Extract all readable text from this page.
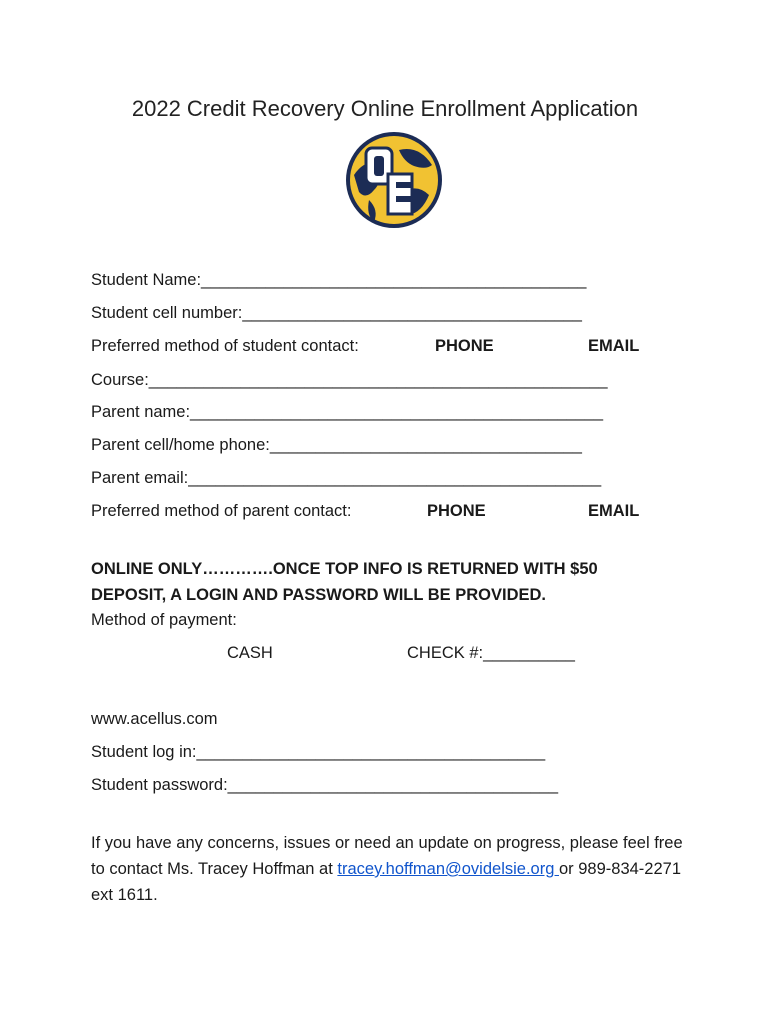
2022 Credit Recovery Online Enrollment Application
Student Name:__________________________________________
Student cell number:_____________________________________
Preferred method of student contact:	PHONE	EMAIL
Course:__________________________________________________
Parent name:_____________________________________________
Parent cell/home phone:__________________________________
Parent email:_____________________________________________
Preferred method of parent contact:	PHONE	EMAIL
ONLINE ONLY………….ONCE TOP INFO IS RETURNED WITH $50
DEPOSIT, A LOGIN AND PASSWORD WILL BE PROVIDED.
Method of payment:
CASH	CHECK #:__________
www.acellus.com
Student log in:______________________________________
Student password:____________________________________
If you have any concerns, issues or need an update on progress, please feel free to contact Ms. Tracey Hoffman at tracey.hoffman@ovidelsie.org or 989-834-2271 ext 1611.
